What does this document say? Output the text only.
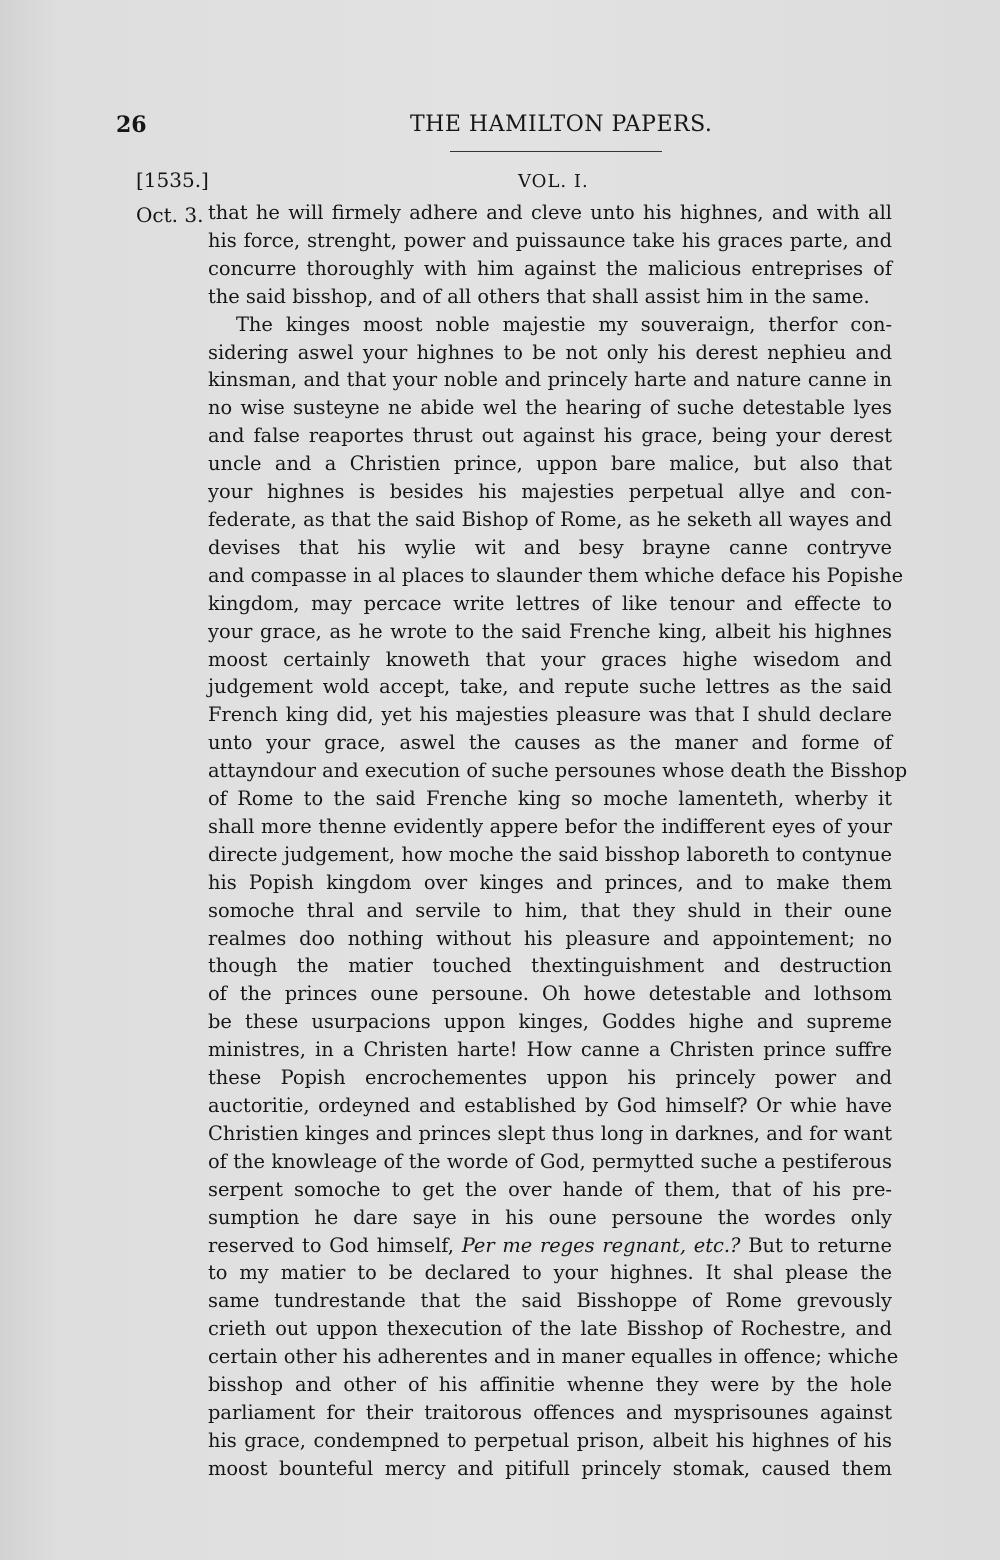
26	THE HAMILTON PAPERS.
[1535.]	VOL. I.
Oct. 3. that he will firmely adhere and cleve unto his highnes, and with all
his force, strenght, power and puissaunce take his graces parte, and
concurre thoroughly with him against the malicious entreprises of
the said bisshop, and of all others that shall assist him in the same.
The kinges moost noble majestie my souveraign, therfor con-
sidering aswel your highnes to be not only his derest nephieu and
kinsman, and that your noble and princely harte and nature canne in
no wise susteyne ne abide wel the hearing of suche detestable lyes
and false reaportes thrust out against his grace, being your derest
uncle and a Christien prince, uppon bare malice, but also that
your highnes is besides his majesties perpetual allye and con-
federate, as that the said Bishop of Rome, as he seketh all wayes and
devises that his wylie wit and besy brayne canne contryve
and compasse in al places to slaunder them whiche deface his Popishe
kingdom, may percace write lettres of like tenour and effecte to
your grace, as he wrote to the said Frenche king, albeit his highnes
moost certainly knoweth that your graces highe wisedom and
judgement wold accept, take, and repute suche lettres as the said
French king did, yet his majesties pleasure was that I shuld declare
unto your grace, aswel the causes as the maner and forme of
attayndour and execution of suche persounes whose death the Bisshop
of Rome to the said Frenche king so moche lamenteth, wherby it
shall more thenne evidently appere befor the indifferent eyes of your
directe judgement, how moche the said bisshop laboreth to contynue
his Popish kingdom over kinges and princes, and to make them
somoche thral and servile to him, that they shuld in their oune
realmes doo nothing without his pleasure and appointement; no
though the matier touched thextinguishment and destruction
of the princes oune persoune. Oh howe detestable and lothsom
be these usurpacions uppon kinges, Goddes highe and supreme
ministres, in a Christen harte! How canne a Christen prince suffre
these Popish encrochementes uppon his princely power and
auctoritie, ordeyned and established by God himself? Or whie have
Christien kinges and princes slept thus long in darknes, and for want
of the knowleage of the worde of God, permytted suche a pestiferous
serpent somoche to get the over hande of them, that of his pre-
sumption he dare saye in his oune persoune the wordes only
reserved to God himself, Per me reges regnant, etc.? But to returne
to my matier to be declared to your highnes. It shal please the
same tundrestande that the said Bisshoppe of Rome grevously
crieth out uppon thexecution of the late Bisshop of Rochestre, and
certain other his adherentes and in maner equalles in offence; whiche
bisshop and other of his affinitie whenne they were by the hole
parliament for their traitorous offences and mysprisounes against
his grace, condempned to perpetual prison, albeit his highnes of his
moost bounteful mercy and pitifull princely stomak, caused them
